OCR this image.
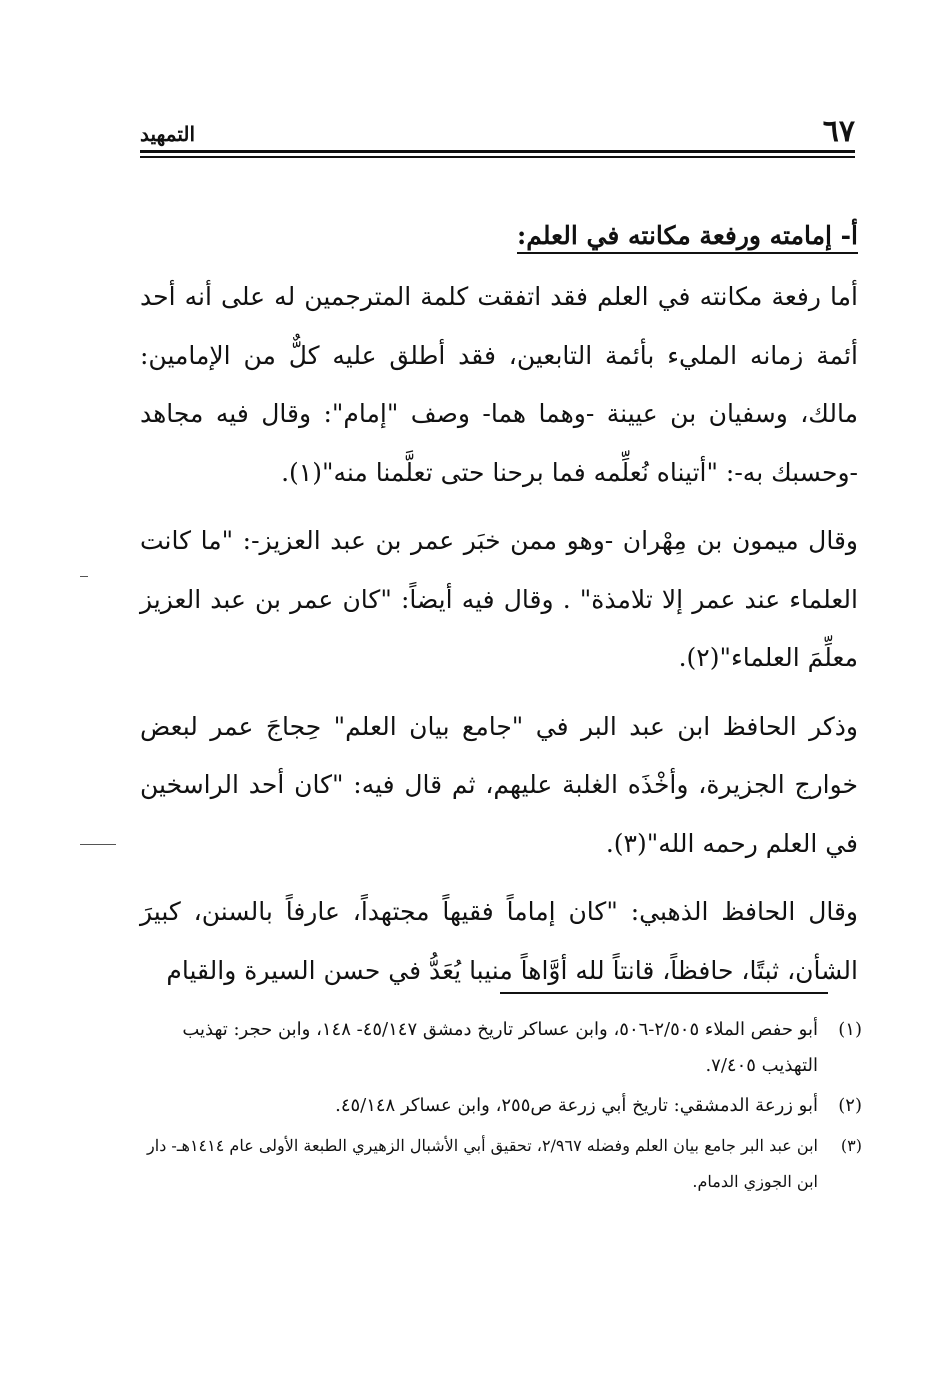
٦٧
التمهيد
أ- إمامته ورفعة مكانته في العلم:

أما رفعة مكانته في العلم فقد اتفقت كلمة المترجمين له على أنه أحد أئمة زمانه المليء بأئمة التابعين، فقد أطلق عليه كلٌّ من الإمامين: مالك، وسفيان بن عيينة -وهما هما- وصف "إمام": وقال فيه مجاهد -وحسبك به-: "أتيناه نُعلِّمه فما برحنا حتى تعلَّمنا منه"(١).

وقال ميمون بن مِهْران -وهو ممن خبَر عمر بن عبد العزيز-: "ما كانت العلماء عند عمر إلا تلامذة" . وقال فيه أيضاً: "كان عمر بن عبد العزيز معلِّمَ العلماء"(٢).

وذكر الحافظ ابن عبد البر في "جامع بيان العلم" حِجاجَ عمر لبعض خوارج الجزيرة، وأخْذَه الغلبة عليهم، ثم قال فيه: "كان أحد الراسخين في العلم رحمه الله"(٣).

وقال الحافظ الذهبي: "كان إماماً فقيهاً مجتهداً، عارفاً بالسنن، كبيرَ الشأن، ثبتًا، حافظاً، قانتاً لله أوَّاهاً منيبا يُعَدُّ في حسن السيرة والقيام

(١)
أبو حفص الملاء ٢/٥٠٥-٥٠٦، وابن عساكر تاريخ دمشق ٤٥/١٤٧- ١٤٨، وابن حجر: تهذيب التهذيب ٧/٤٠٥.
(٢)
أبو زرعة الدمشقي: تاريخ أبي زرعة ص٢٥٥، وابن عساكر ٤٥/١٤٨.
(٣)
ابن عبد البر جامع بيان العلم وفضله ٢/٩٦٧، تحقيق أبي الأشبال الزهيري الطبعة الأولى عام ١٤١٤هـ- دار ابن الجوزي الدمام.
